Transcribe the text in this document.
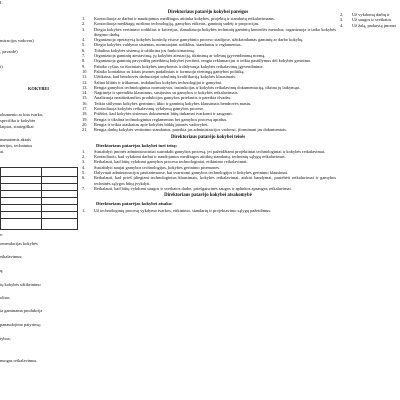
I.
nstracijos vadovas)
, pavardė)
i)
KOKYBEI
okumento ar kita tvarka,
specifika ir kokybės
laiptas, strategiškai
numatomis aktais
nerijos, techninius
ai.
e:
omendacijas kokybės
eikalavimus;
ų;
ių kokybės užtikrinimo
oliuo;
ia gaminama produkcija
panaudojimo patyrimą;
tybos;
nuogas reikalavimus.
Direktoriaus patarėjo kokybei pareigos
1.	Kontroliuoja ar darbai ir naudojamos medžiagos atitinka kokybės, projektų ir standartų reikalavimams.
2.	Kontroliuoja medžiagų ruošimo technologiją, gamybos etiketas, gaminių sudėtį ir proporcijas.
3.	Diegia kokybės vertinimo rodiklius ir kriterijus, išanalizuoja kokybės techninių gaminių kontrolės metodus; organizuoja ir taiko kokybės diegimo darbą.
4.	Organizuoja operatyvią kokybės kontrolę visose gamybinio proceso stadijose, užtikrindamas gaminių ar darbo kokybę.
5.	Diegia kokybės valdymo sistemas, normiuojant rodiklius, standartus ir reglamentus.
6.	Tobulina kokybės sistemą ir užtikrina jos funkcionavimą.
7.	Organizuoja gaminių atestavimą, jų kokybės atestaciją, tikrinimą ar tolesnę įgyvendinamą normą.
8.	Organizuoja gaminių pavyzdžių pateikimą kokybei įvertinti, rengia reklamacijas ir teikia pasiūlymus dėl kokybės gerinimo.
9.	Palaiko ryšius su išoriniais kokybės tarnybomis ir dalyvauja kokybės reikalavimų įgyvendinime.
10.	Palaiko kontaktus su kitais įmonės padaliniais ir formuoja vieningą gamybos politiką.
11.	Užtikrina, kad bendrovės darbuotojai tobulintų kvalifikaciją kokybės klausimais.
12.	Šalina kliūtis ir trūkumus, trukdančius kokybės technologijai ir gamybai.
13.	Rengia gamybos technologinius normatyvus, instrukcijas ir kokybės reikalavimų dokumentaciją, tikrina jų laikymąsi.
14.	Nagrinėja ir sprendžia klausimus, susijusius su gamybos ir kokybės reikalavimais.
15.	Analizuoja neatitinkančios produkcijos gamybos priežastis ir pateikia išvadas.
16.	Teikia siūlymus kokybės gerinimo, ūkio ir gaminių kokybės klausimais bendrovės mastu.
17.	Kontroliuoja kokybės reikalavimų vykdymą gamybos procese.
18.	Prižiūri, kad kokybės sistemos dokumentai būtų tinkamai tvarkomi ir saugomi.
19.	Rengia ir tikslina technologinius reglamentus bei gamybos procesų aprašus.
20.	Rengia ir teikia ataskaitas apie kokybės būklę įmonės vadovybei.
21.	Rengia darbų kokybės vertinimo standartus, pateikia jas administracijos vadovui, įforminant jas dokumentais.
Direktoriaus patarėjo kokybei teisės
Direktoriaus patarėjas kokybei turi teisę:
1.	Sustabdyti įmonės administraciniai sutrinkdti gamybos procesą, jei pažeidžiami projektiniai technologiniai ir kokybės reikalavimai.
2.	Kontroliuoti, kad vykdomi darbai ir naudojamos medžiagos atitiktų standartų, techninių sąlygų reikalavimus.
3.	Reikalauti, kad būtų vykdomi gamybos proceso technologiniai, etikinimo reikalavimai.
4.	Sustabdyti naujai gamybos technologijas, kokybės gerinimo priemones.
5.	Dalyvauti administracijos pasitarimuose, kai svarstomi gamybos technologijos ir kokybės gerinimo klausimai.
6.	Reikalauti, kad prieš įdiegiant technologinius klausimais, kokybės reikalavimai, atskiri bandymai, pastebėti reikalavimai ir gamybos techninės sąlygos būtų įvykdyti.
7.	Reikalauti, kad būtų vykdomi saugos ir sveikatos darbe, priešgaisrinės saugos ir aplinkos apsaugos reikalavimai.
Direktoriaus patarėjo kokybei atsakomybė
Direktoriaus patarėjas kokybei atsako:
1.	Už technologinių procesų vykdymo tvarkos, etikinimo, standartų ir projektavimo sąlygų pažeidimus.
2.	Už vykdomų darbų ir
3.	Už saugos ir sveikatos
4.	Už žalą, padarytą įmonei
